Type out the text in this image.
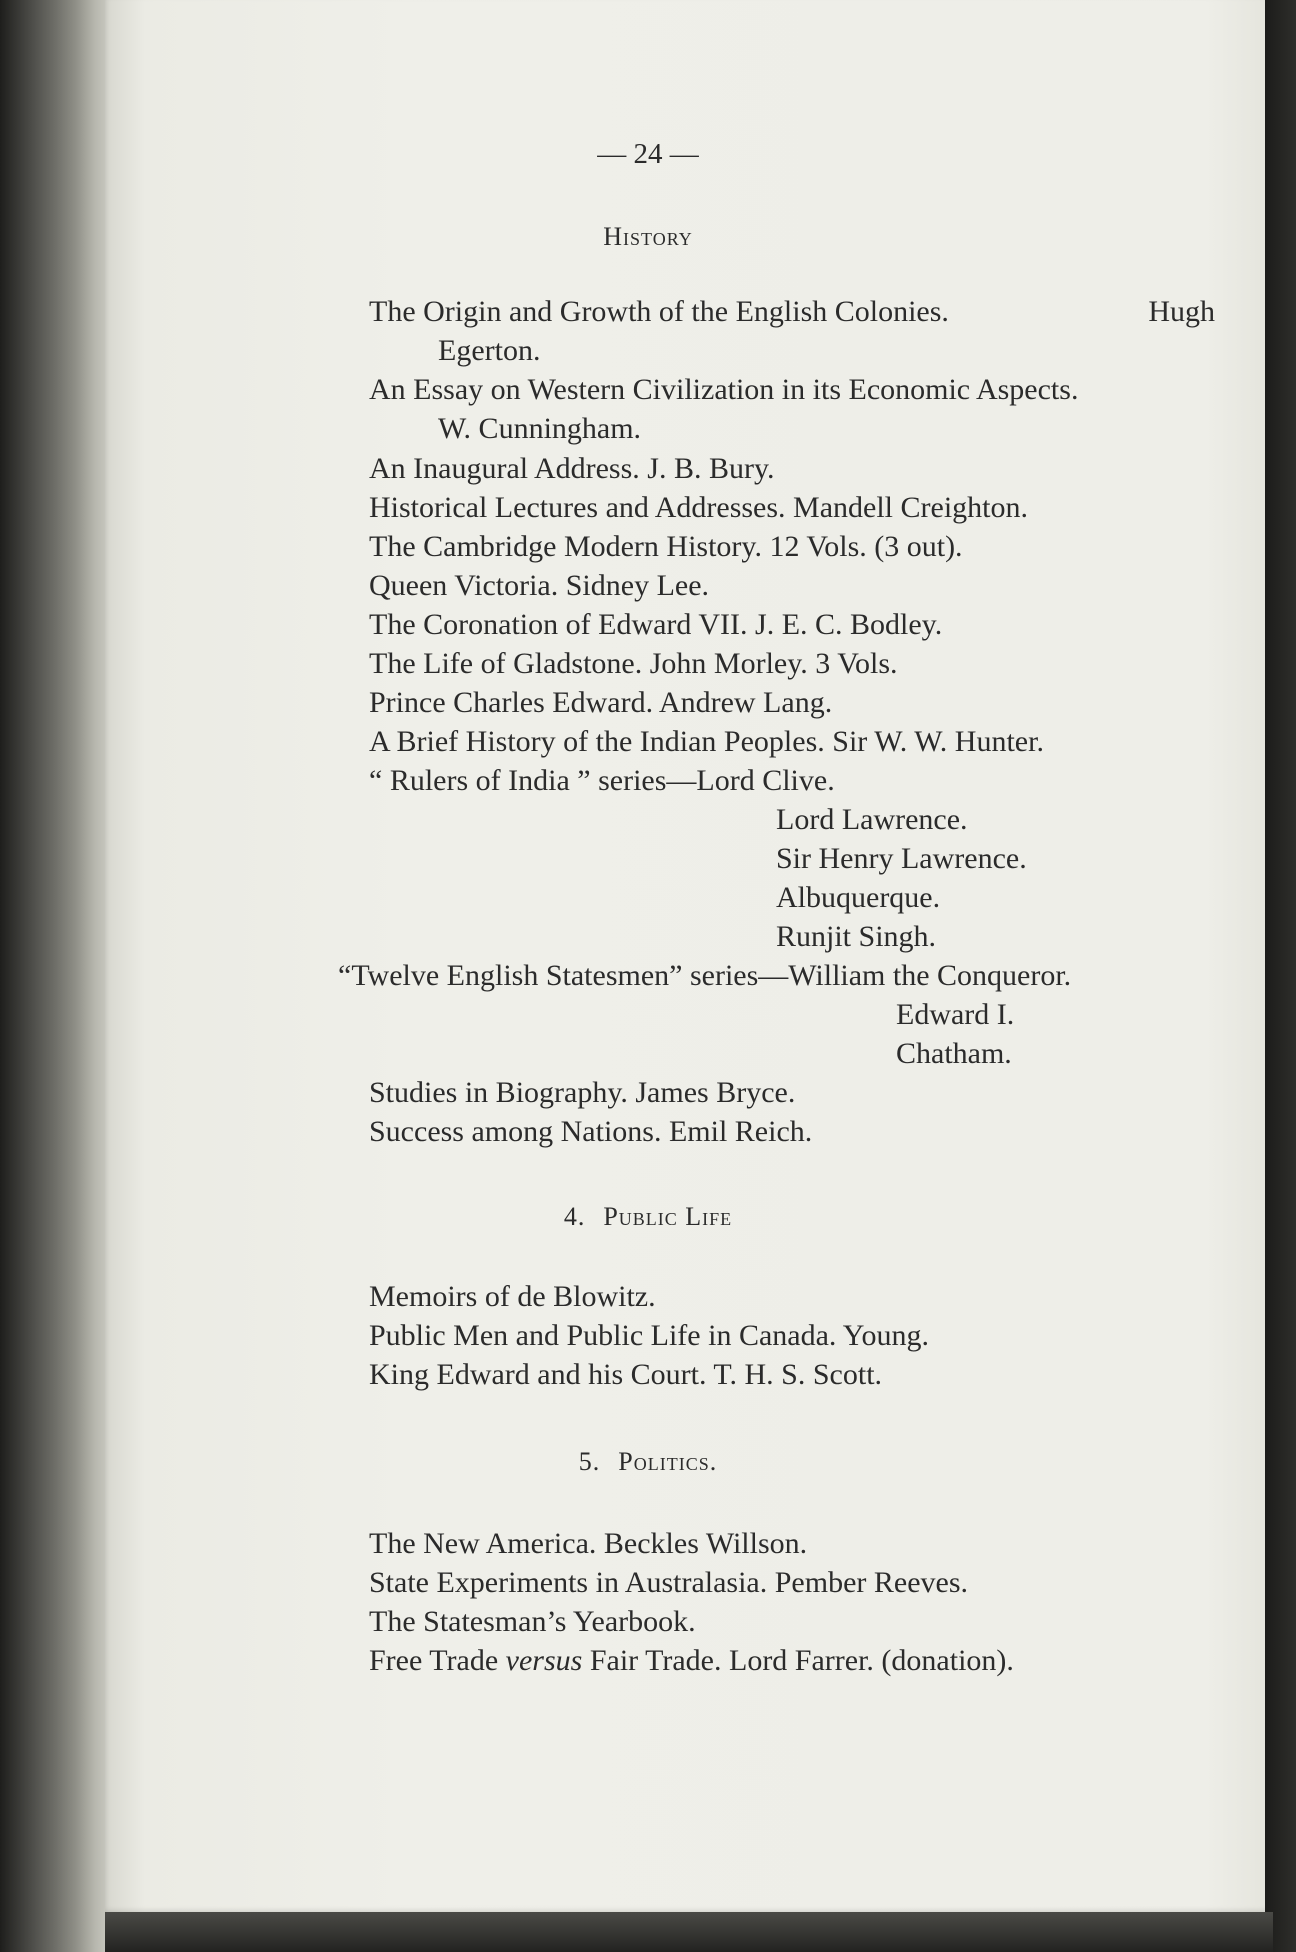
— 24 —
History
The Origin and Growth of the English Colonies.	Hugh
Egerton.
An Essay on Western Civilization in its Economic Aspects.
W. Cunningham.
An Inaugural Address. J. B. Bury.
Historical Lectures and Addresses. Mandell Creighton.
The Cambridge Modern History. 12 Vols. (3 out).
Queen Victoria. Sidney Lee.
The Coronation of Edward VII. J. E. C. Bodley.
The Life of Gladstone. John Morley. 3 Vols.
Prince Charles Edward. Andrew Lang.
A Brief History of the Indian Peoples. Sir W. W. Hunter.
“ Rulers of India ” series—Lord Clive.
Lord Lawrence.
Sir Henry Lawrence.
Albuquerque.
Runjit Singh.
“Twelve English Statesmen” series—William the Conqueror.
Edward I.
Chatham.
Studies in Biography. James Bryce.
Success among Nations. Emil Reich.
4. Public Life
Memoirs of de Blowitz.
Public Men and Public Life in Canada. Young.
King Edward and his Court. T. H. S. Scott.
5. Politics.
The New America. Beckles Willson.
State Experiments in Australasia. Pember Reeves.
The Statesman’s Yearbook.
Free Trade versus Fair Trade. Lord Farrer. (donation).
